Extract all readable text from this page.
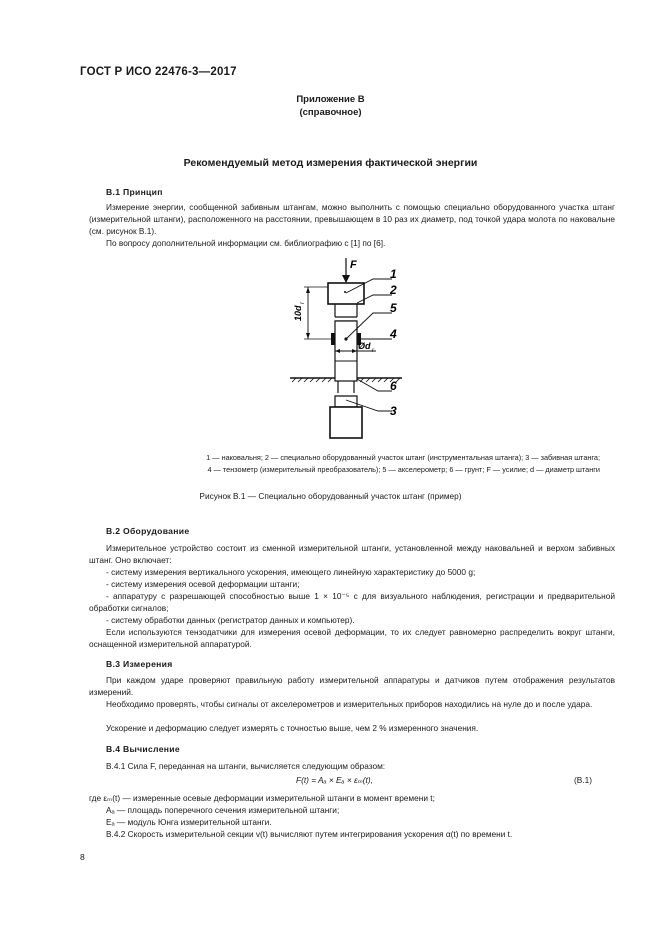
ГОСТ Р ИСО 22476-3—2017
Приложение В
(справочное)
Рекомендуемый метод измерения фактической энергии
В.1 Принцип
Измерение энергии, сообщенной забивным штангам, можно выполнить с помощью специально оборудованного участка штанг (измерительной штанги), расположенного на расстоянии, превышающем в 10 раз их диаметр, под точкой удара молота по наковальне (см. рисунок В.1).
По вопросу дополнительной информации см. библиографию с [1] по [6].
F
10d
r
Ød r
1
2
5
4
6
3
1 — наковальня; 2 — специально оборудованный участок штанг (инструментальная штанга); 3 — забивная штанга;
4 — тензометр (измерительный преобразователь); 5 — акселерометр; 6 — грунт; F — усилие; d — диаметр штанги
Рисунок В.1 — Специально оборудованный участок штанг (пример)
В.2 Оборудование
Измерительное устройство состоит из сменной измерительной штанги, установленной между наковальней и верхом забивных штанг. Оно включает:
- систему измерения вертикального ускорения, имеющего линейную характеристику до 5000 g;
- систему измерения осевой деформации штанги;
- аппаратуру с разрешающей способностью выше 1 × 10⁻⁵ с для визуального наблюдения, регистрации и предварительной обработки сигналов;
- систему обработки данных (регистратор данных и компьютер).
Если используются тензодатчики для измерения осевой деформации, то их следует равномерно распределить вокруг штанги, оснащенной измерительной аппаратурой.
В.3 Измерения
При каждом ударе проверяют правильную работу измерительной аппаратуры и датчиков путем отображения результатов измерений.
Необходимо проверять, чтобы сигналы от акселерометров и измерительных приборов находились на нуле до и после удара.
Ускорение и деформацию следует измерять с точностью выше, чем 2 % измеренного значения.
В.4 Вычисление
В.4.1 Сила F, переданная на штанги, вычисляется следующим образом:
F(t) = Aₐ × Eₐ × εₘ(t),	(В.1)
где εₘ(t) — измеренные осевые деформации измерительной штанги в момент времени t;
Aₐ — площадь поперечного сечения измерительной штанги;
Eₐ — модуль Юнга измерительной штанги.
В.4.2 Скорость измерительной секции v(t) вычисляют путем интегрирования ускорения α(t) по времени t.
8
